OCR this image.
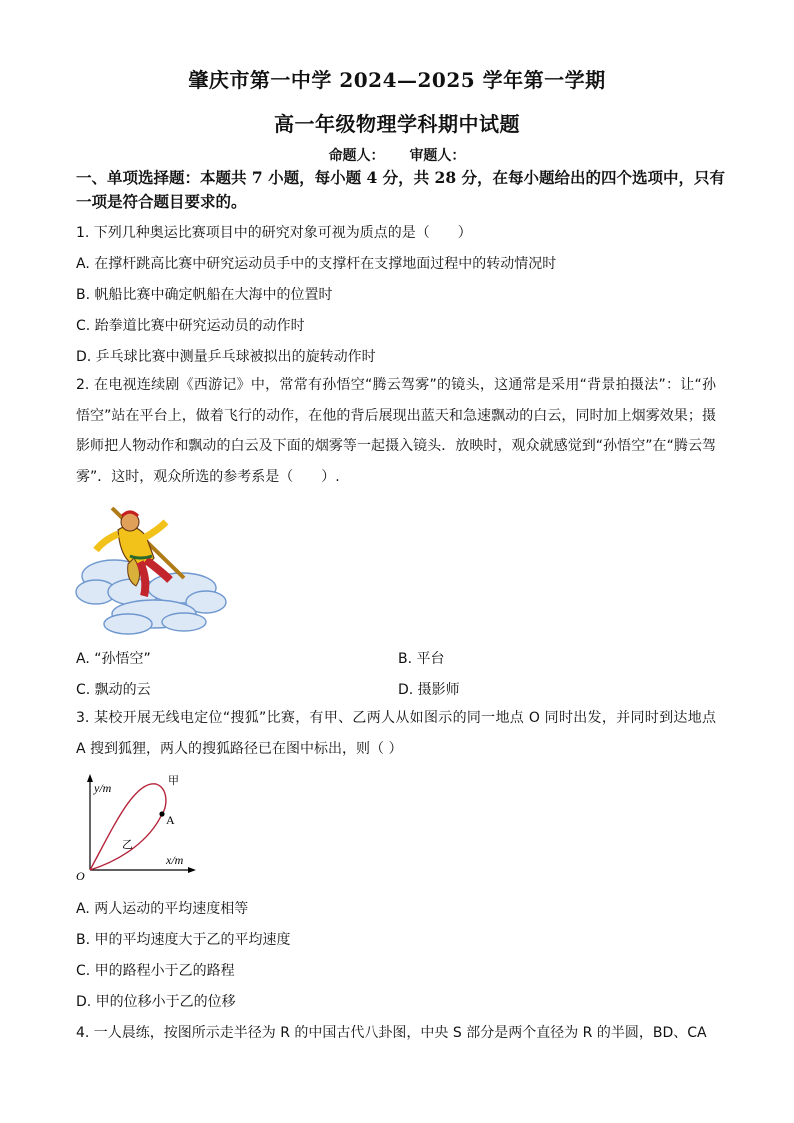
肇庆市第一中学 2024—2025 学年第一学期
高一年级物理学科期中试题
命题人： 审题人：
一、单项选择题：本题共 7 小题，每小题 4 分，共 28 分，在每小题给出的四个选项中，只有一项是符合题目要求的。
1. 下列几种奥运比赛项目中的研究对象可视为质点的是（　　）
A. 在撑杆跳高比赛中研究运动员手中的支撑杆在支撑地面过程中的转动情况时
B. 帆船比赛中确定帆船在大海中的位置时
C. 跆拳道比赛中研究运动员的动作时
D. 乒乓球比赛中测量乒乓球被拟出的旋转动作时
2. 在电视连续剧《西游记》中，常常有孙悟空“腾云驾雾”的镜头，这通常是采用“背景拍摄法”：让“孙悟空”站在平台上，做着飞行的动作，在他的背后展现出蓝天和急速飘动的白云，同时加上烟雾效果；摄影师把人物动作和飘动的白云及下面的烟雾等一起摄入镜头．放映时，观众就感觉到“孙悟空”在“腾云驾雾”．这时，观众所选的参考系是（　　）.
A. “孙悟空”	B. 平台
C. 飘动的云	D. 摄影师
3. 某校开展无线电定位“搜狐”比赛，有甲、乙两人从如图示的同一地点 O 同时出发，并同时到达地点 A 搜到狐狸，两人的搜狐路径已在图中标出，则（ ）
y/m
x/m
O
A
甲
乙
A. 两人运动的平均速度相等
B. 甲的平均速度大于乙的平均速度
C. 甲的路程小于乙的路程
D. 甲的位移小于乙的位移
4. 一人晨练，按图所示走半径为 R 的中国古代八卦图，中央 S 部分是两个直径为 R 的半圆，BD、CA
